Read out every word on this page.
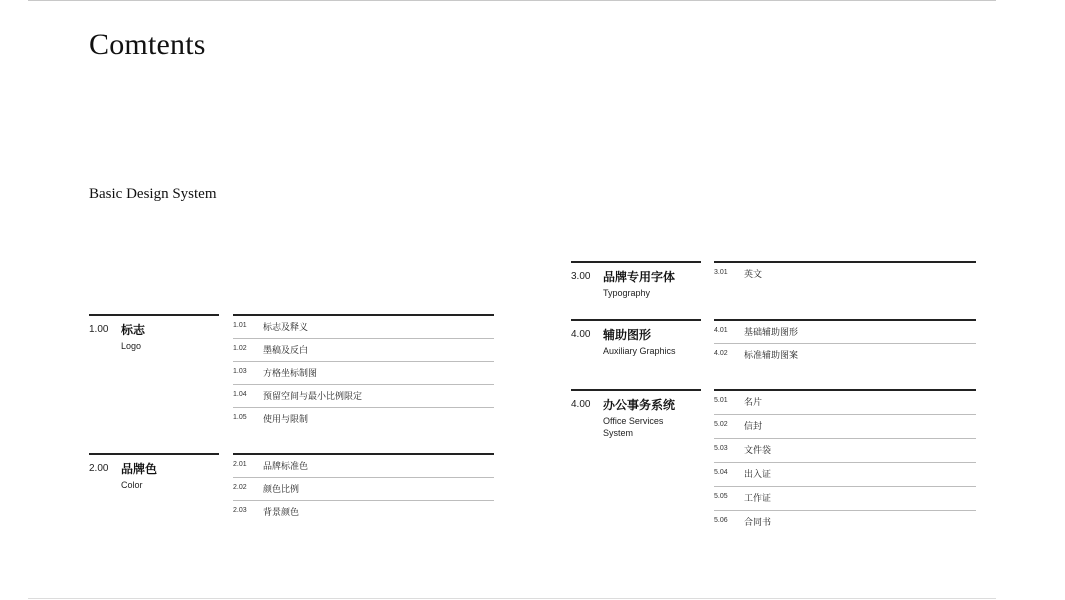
Comtents
Basic Design System
1.00 标志
Logo
1.01 标志及释义
1.02 墨稿及反白
1.03 方格坐标制图
1.04 预留空间与最小比例限定
1.05 使用与限制
2.00 品牌色
Color
2.01 品牌标准色
2.02 颜色比例
2.03 背景颜色
3.00 品牌专用字体
Typography
3.01 英文
4.00 辅助图形
Auxiliary Graphics
4.01 基础辅助图形
4.02 标准辅助图案
4.00 办公事务系统
Office Services System
5.01 名片
5.02 信封
5.03 文件袋
5.04 出入证
5.05 工作证
5.06 合同书
